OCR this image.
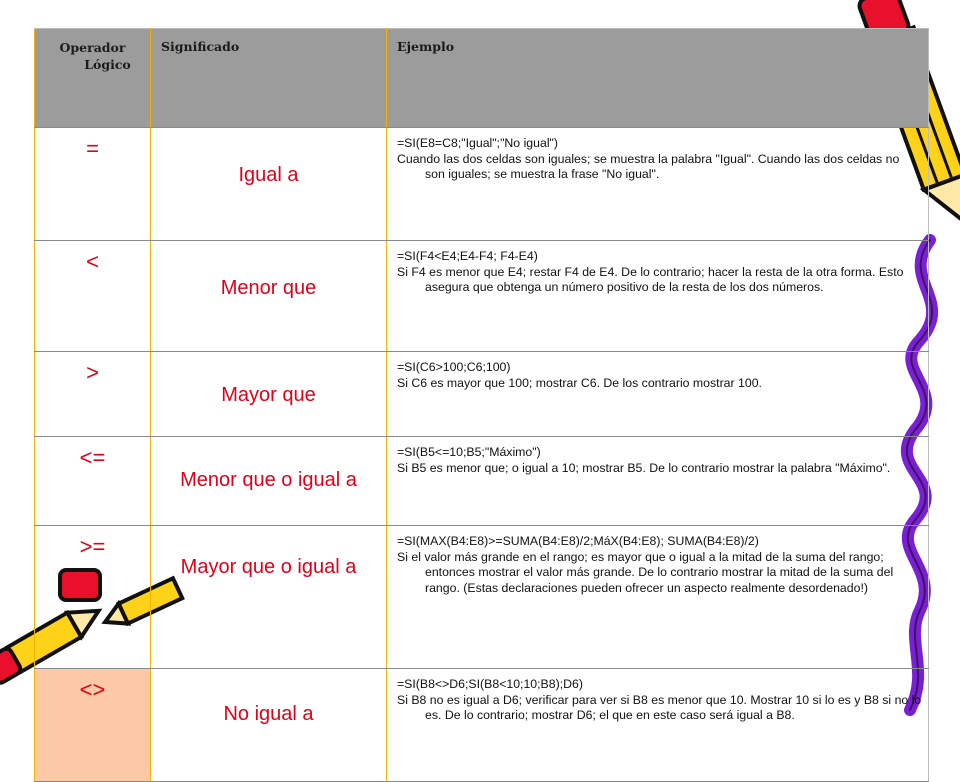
Operador
Lógico	Significado	Ejemplo
=	Igual a	=SI(E8=C8;"Igual";"No igual")
Cuando las dos celdas son iguales; se muestra la palabra "Igual". Cuando las dos celdas no son iguales; se muestra la frase "No igual".

<	Menor que	=SI(F4<E4;E4-F4; F4-E4)
Si F4 es menor que E4; restar F4 de E4. De lo contrario; hacer la resta de la otra forma. Esto asegura que obtenga un número positivo de la resta de los dos números.

>	Mayor que	=SI(C6>100;C6;100)
Si C6 es mayor que 100; mostrar C6. De los contrario mostrar 100.

<=	Menor que o igual a	=SI(B5<=10;B5;"Máximo")
Si B5 es menor que; o igual a 10; mostrar B5. De lo contrario mostrar la palabra "Máximo".

>=	Mayor que o igual a	=SI(MAX(B4:E8)>=SUMA(B4:E8)/2;MáX(B4:E8); SUMA(B4:E8)/2)
Si el valor más grande en el rango; es mayor que o igual a la mitad de la suma del rango; entonces mostrar el valor más grande. De lo contrario mostrar la mitad de la suma del rango. (Estas declaraciones pueden ofrecer un aspecto realmente desordenado!)

<>	No igual a	=SI(B8<>D6;SI(B8<10;10;B8);D6)
Si B8 no es igual a D6; verificar para ver si B8 es menor que 10. Mostrar 10 si lo es y B8 si no lo es. De lo contrario; mostrar D6; el que en este caso será igual a B8.
